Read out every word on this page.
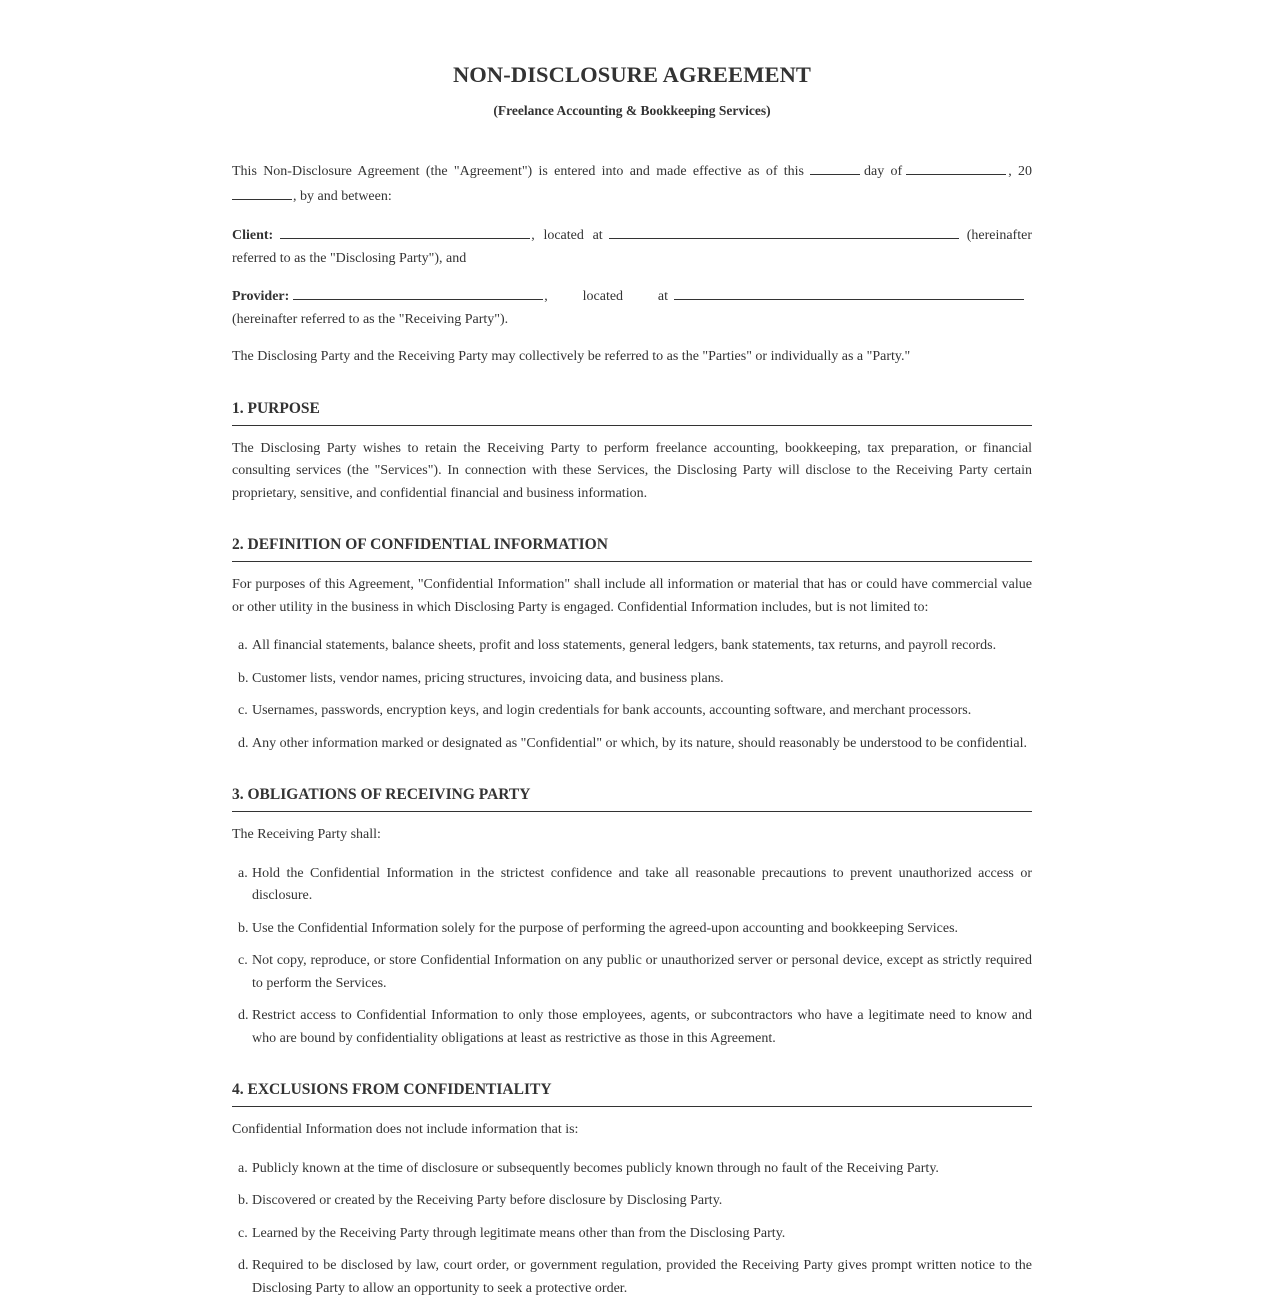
NON-DISCLOSURE AGREEMENT
(Freelance Accounting & Bookkeeping Services)

This Non-Disclosure Agreement (the "Agreement") is entered into and made effective as of this	day of	, 20 , by and between:

Client:	, located at	(hereinafter referred to as the "Disclosing Party"), and

Provider:	, located at(hereinafter referred to as the "Receiving Party").

The Disclosing Party and the Receiving Party may collectively be referred to as the "Parties" or individually as a "Party."

1. PURPOSE

The Disclosing Party wishes to retain the Receiving Party to perform freelance accounting, bookkeeping, tax preparation, or financial consulting services (the "Services"). In connection with these Services, the Disclosing Party will disclose to the Receiving Party certain proprietary, sensitive, and confidential financial and business information.

2. DEFINITION OF CONFIDENTIAL INFORMATION

For purposes of this Agreement, "Confidential Information" shall include all information or material that has or could have commercial value or other utility in the business in which Disclosing Party is engaged. Confidential Information includes, but is not limited to:

a. All financial statements, balance sheets, profit and loss statements, general ledgers, bank statements, tax returns, and payroll records.
b. Customer lists, vendor names, pricing structures, invoicing data, and business plans.
c. Usernames, passwords, encryption keys, and login credentials for bank accounts, accounting software, and merchant processors.
d. Any other information marked or designated as "Confidential" or which, by its nature, should reasonably be understood to be confidential.
3. OBLIGATIONS OF RECEIVING PARTY

The Receiving Party shall:

a. Hold the Confidential Information in the strictest confidence and take all reasonable precautions to prevent unauthorized access or disclosure.
b. Use the Confidential Information solely for the purpose of performing the agreed-upon accounting and bookkeeping Services.
c. Not copy, reproduce, or store Confidential Information on any public or unauthorized server or personal device, except as strictly required to perform the Services.
d. Restrict access to Confidential Information to only those employees, agents, or subcontractors who have a legitimate need to know and who are bound by confidentiality obligations at least as restrictive as those in this Agreement.
4. EXCLUSIONS FROM CONFIDENTIALITY

Confidential Information does not include information that is:

a. Publicly known at the time of disclosure or subsequently becomes publicly known through no fault of the Receiving Party.
b. Discovered or created by the Receiving Party before disclosure by Disclosing Party.
c. Learned by the Receiving Party through legitimate means other than from the Disclosing Party.
d. Required to be disclosed by law, court order, or government regulation, provided the Receiving Party gives prompt written notice to the Disclosing Party to allow an opportunity to seek a protective order.
